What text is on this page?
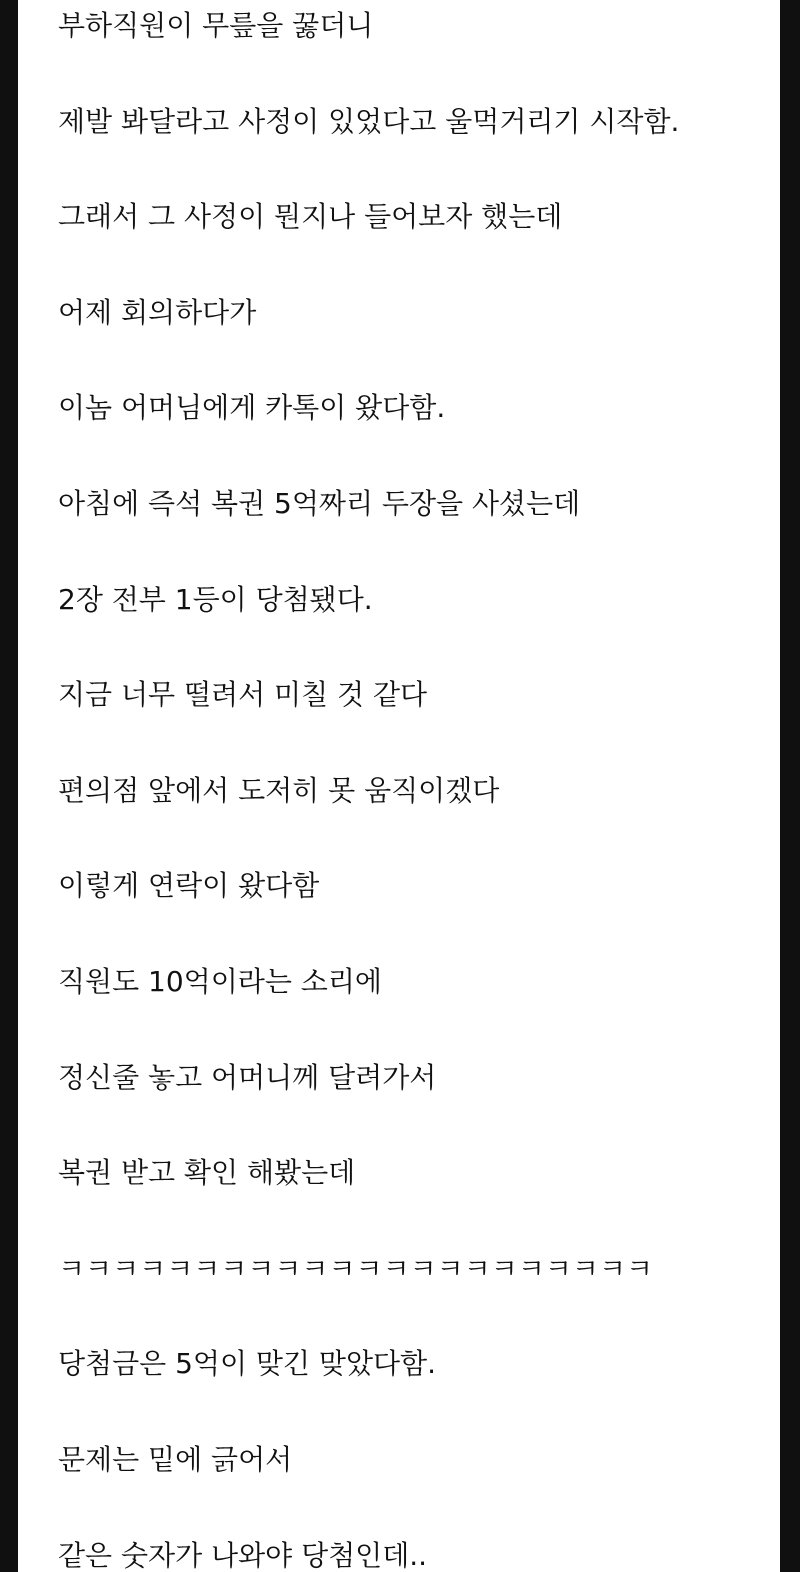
부하직원이 무릎을 꿇더니
제발 봐달라고 사정이 있었다고 울먹거리기 시작함.
그래서 그 사정이 뭔지나 들어보자 했는데
어제 회의하다가
이놈 어머님에게 카톡이 왔다함.
아침에 즉석 복권 5억짜리 두장을 사셨는데
2장 전부 1등이 당첨됐다.
지금 너무 떨려서 미칠 것 같다
편의점 앞에서 도저히 못 움직이겠다
이렇게 연락이 왔다함
직원도 10억이라는 소리에
정신줄 놓고 어머니께 달려가서
복권 받고 확인 해봤는데
ㅋㅋㅋㅋㅋㅋㅋㅋㅋㅋㅋㅋㅋㅋㅋㅋㅋㅋㅋㅋㅋㅋ
당첨금은 5억이 맞긴 맞았다함.
문제는 밑에 긁어서
같은 숫자가 나와야 당첨인데..
